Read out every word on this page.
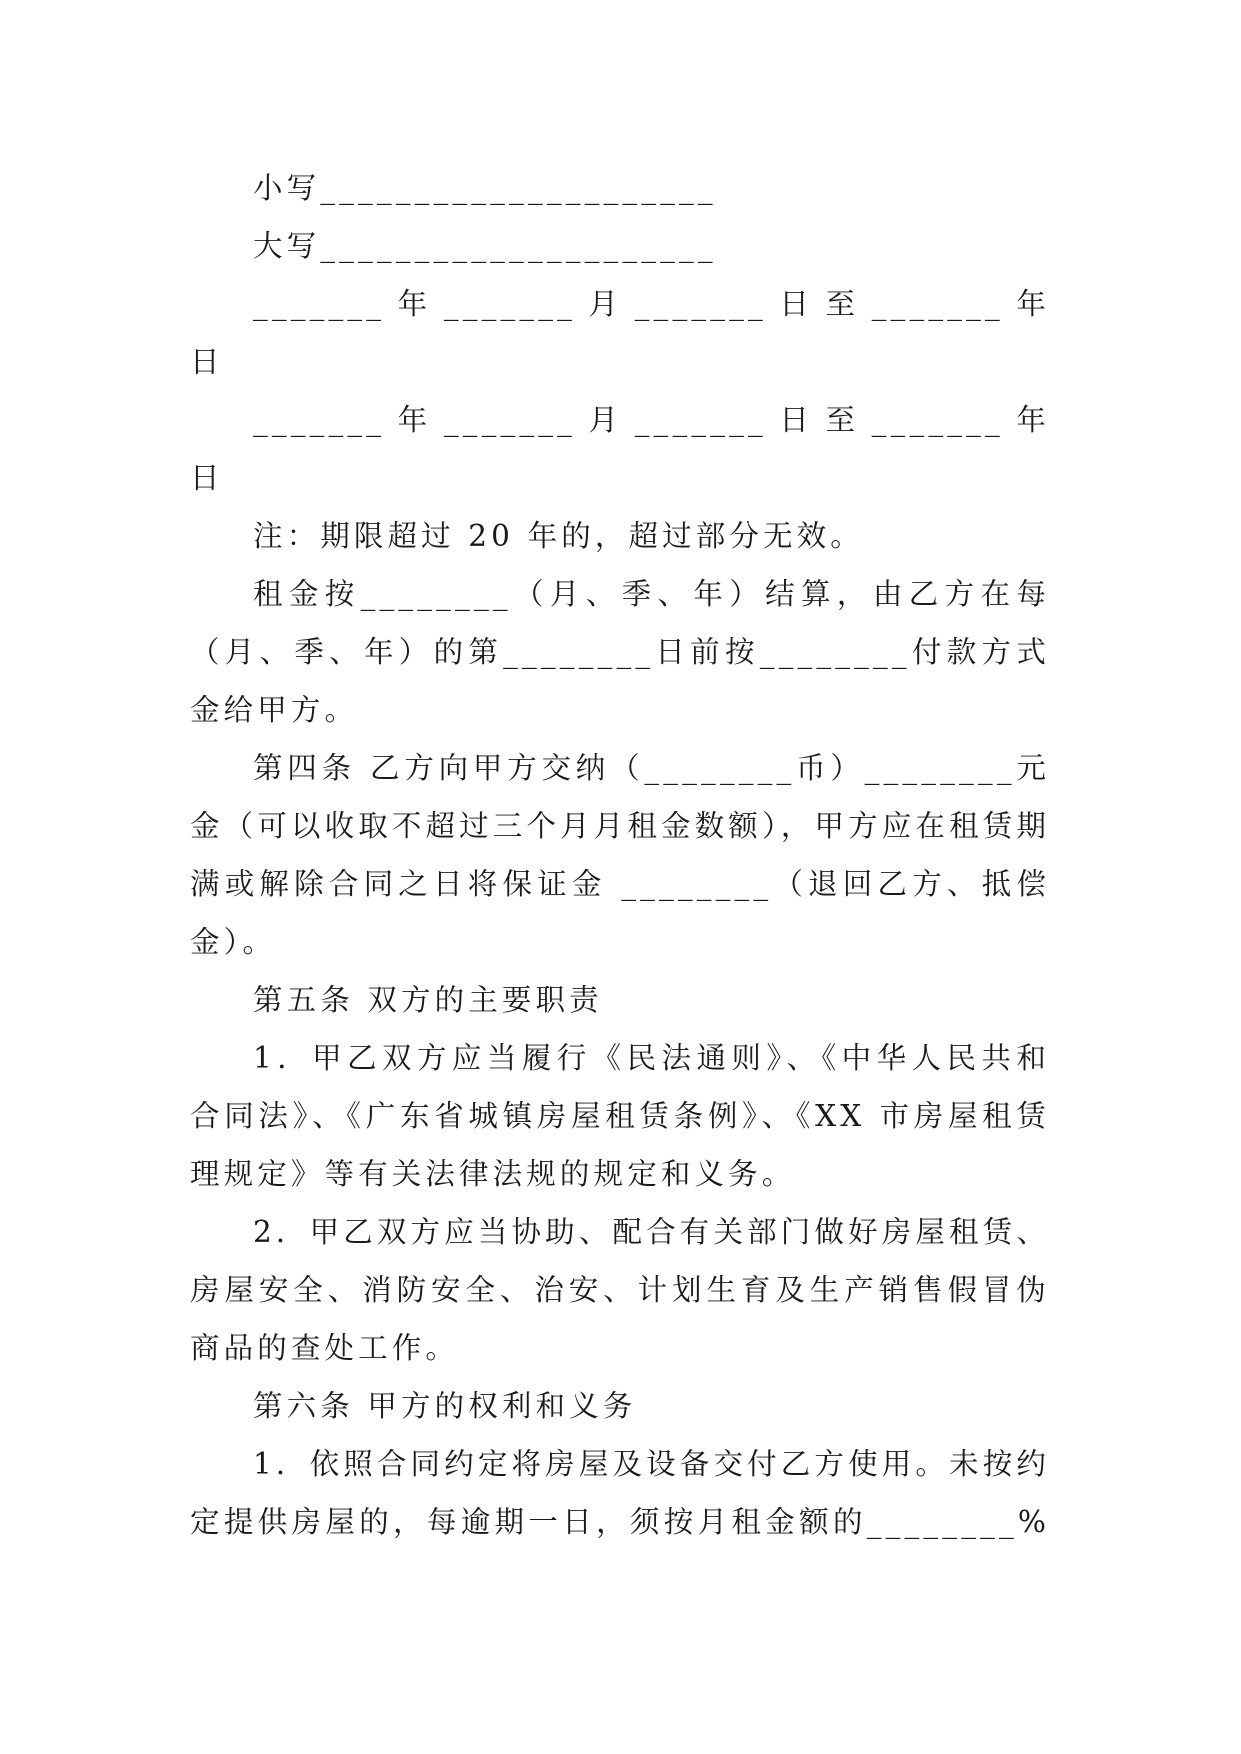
小写_____________________
大写_____________________
_______年_______月_______日至_______年
日
_______年_______月_______日至_______年
日
注：期限超过 20 年的，超过部分无效。
租金按________（月、季、年）结算，由乙方在每
（月、季、年）的第________日前按________付款方式
金给甲方。
第四条 乙方向甲方交纳（________币）________元
金（可以收取不超过三个月月租金数额），甲方应在租赁期
满或解除合同之日将保证金 ________（退回乙方、抵偿
金）。
第五条 双方的主要职责
1．甲乙双方应当履行《民法通则》、《中华人民共和
合同法》、《广东省城镇房屋租赁条例》、《XX 市房屋租赁
理规定》等有关法律法规的规定和义务。
2．甲乙双方应当协助、配合有关部门做好房屋租赁、
房屋安全、消防安全、治安、计划生育及生产销售假冒伪
商品的查处工作。
第六条 甲方的权利和义务
1．依照合同约定将房屋及设备交付乙方使用。未按约
定提供房屋的，每逾期一日，须按月租金额的________%
